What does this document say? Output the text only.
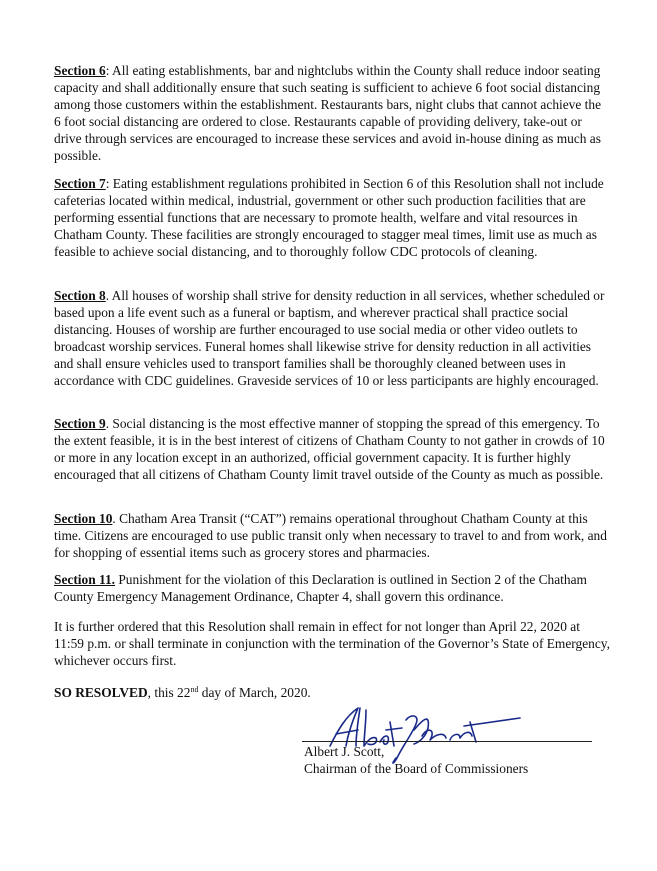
Section 6: All eating establishments, bar and nightclubs within the County shall reduce indoor seating capacity and shall additionally ensure that such seating is sufficient to achieve 6 foot social distancing among those customers within the establishment. Restaurants bars, night clubs that cannot achieve the 6 foot social distancing are ordered to close. Restaurants capable of providing delivery, take-out or drive through services are encouraged to increase these services and avoid in-house dining as much as possible.

Section 7: Eating establishment regulations prohibited in Section 6 of this Resolution shall not include cafeterias located within medical, industrial, government or other such production facilities that are performing essential functions that are necessary to promote health, welfare and vital resources in Chatham County. These facilities are strongly encouraged to stagger meal times, limit use as much as feasible to achieve social distancing, and to thoroughly follow CDC protocols of cleaning.

Section 8. All houses of worship shall strive for density reduction in all services, whether scheduled or based upon a life event such as a funeral or baptism, and wherever practical shall practice social distancing. Houses of worship are further encouraged to use social media or other video outlets to broadcast worship services. Funeral homes shall likewise strive for density reduction in all activities and shall ensure vehicles used to transport families shall be thoroughly cleaned between uses in accordance with CDC guidelines. Graveside services of 10 or less participants are highly encouraged.

Section 9. Social distancing is the most effective manner of stopping the spread of this emergency. To the extent feasible, it is in the best interest of citizens of Chatham County to not gather in crowds of 10 or more in any location except in an authorized, official government capacity. It is further highly encouraged that all citizens of Chatham County limit travel outside of the County as much as possible.

Section 10. Chatham Area Transit (“CAT”) remains operational throughout Chatham County at this time. Citizens are encouraged to use public transit only when necessary to travel to and from work, and for shopping of essential items such as grocery stores and pharmacies.

Section 11. Punishment for the violation of this Declaration is outlined in Section 2 of the Chatham County Emergency Management Ordinance, Chapter 4, shall govern this ordinance.

It is further ordered that this Resolution shall remain in effect for not longer than April 22, 2020 at 11:59 p.m. or shall terminate in conjunction with the termination of the Governor’s State of Emergency, whichever occurs first.

SO RESOLVED, this 22nd day of March, 2020.

Albert J. Scott,
Chairman of the Board of Commissioners
